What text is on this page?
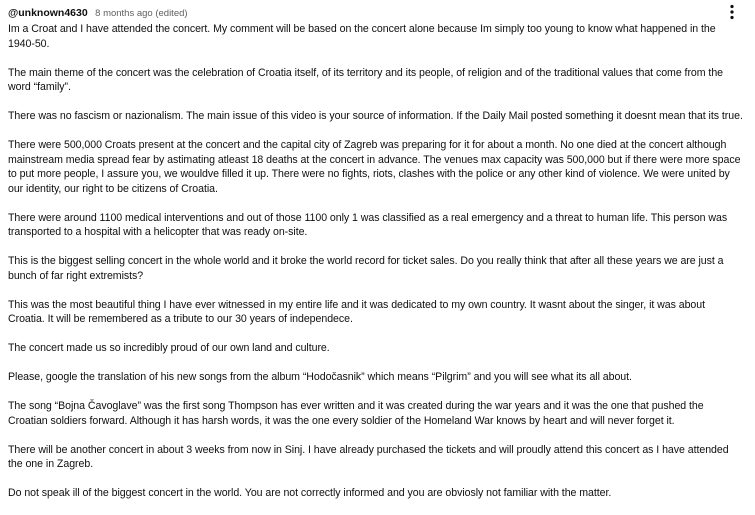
@unknown4630 8 months ago (edited)

Im a Croat and I have attended the concert. My comment will be based on the concert alone because Im simply too young to know what happened in the 1940-50.

The main theme of the concert was the celebration of Croatia itself, of its territory and its people, of religion and of the traditional values that come from the word “family”.

There was no fascism or nazionalism. The main issue of this video is your source of information. If the Daily Mail posted something it doesnt mean that its true.

There were 500,000 Croats present at the concert and the capital city of Zagreb was preparing for it for about a month. No one died at the concert although mainstream media spread fear by astimating atleast 18 deaths at the concert in advance. The venues max capacity was 500,000 but if there were more space to put more people, I assure you, we wouldve filled it up. There were no fights, riots, clashes with the police or any other kind of violence. We were united by our identity, our right to be citizens of Croatia.

There were around 1100 medical interventions and out of those 1100 only 1 was classified as a real emergency and a threat to human life. This person was transported to a hospital with a helicopter that was ready on-site.

This is the biggest selling concert in the whole world and it broke the world record for ticket sales. Do you really think that after all these years we are just a bunch of far right extremists?

This was the most beautiful thing I have ever witnessed in my entire life and it was dedicated to my own country. It wasnt about the singer, it was about Croatia. It will be remembered as a tribute to our 30 years of independece.

The concert made us so incredibly proud of our own land and culture.

Please, google the translation of his new songs from the album “Hodočasnik” which means “Pilgrim” and you will see what its all about.

The song “Bojna Čavoglave” was the first song Thompson has ever written and it was created during the war years and it was the one that pushed the Croatian soldiers forward. Although it has harsh words, it was the one every soldier of the Homeland War knows by heart and will never forget it.

There will be another concert in about 3 weeks from now in Sinj. I have already purchased the tickets and will proudly attend this concert as I have attended the one in Zagreb.

Do not speak ill of the biggest concert in the world. You are not correctly informed and you are obviosly not familiar with the matter.
